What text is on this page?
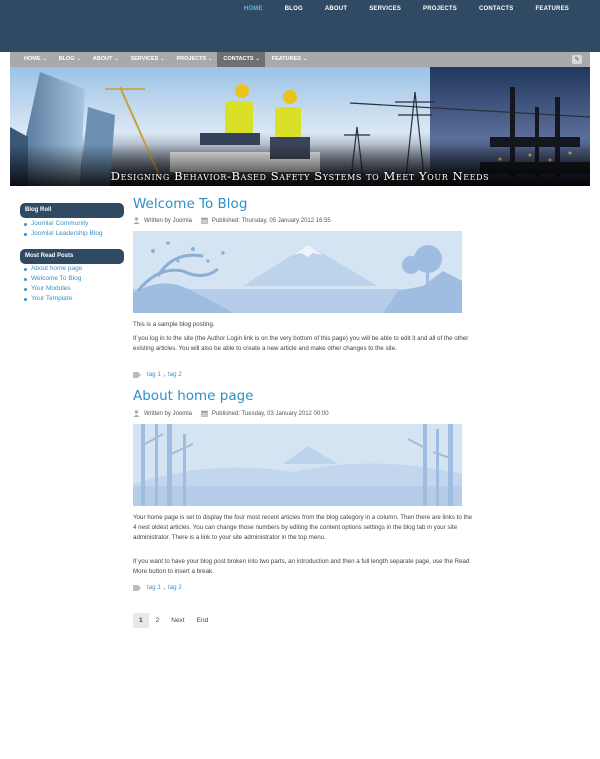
HOME	BLOG	ABOUT	SERVICES	PROJECTS	CONTACTS	FEATURES
HOME ⌄	BLOG ⌄	ABOUT ⌄	SERVICES ⌄	PROJECTS ⌄	CONTACTS ⌄	FEATURES ⌄	✎
Designing Behavior-Based Safety Systems to Meet Your Needs
Blog Roll
Joomla! Community
Joomla! Leadership Blog
Most Read Posts
About home page
Welcome To Blog
Your Modules
Your Template
Welcome To Blog
Written by Joomla	Published: Thursday, 05 January 2012 16:55
This is a sample blog posting.
If you log in to the site (the Author Login link is on the very bottom of this page) you will be able to edit it and all of the other existing articles. You will also be able to create a new article and make other changes to the site.
tag 1 , tag 2
About home page
Written by Joomla	Published: Tuesday, 03 January 2012 00:00
Your home page is set to display the four most recent articles from the blog category in a column. Then there are links to the 4 nest oldest articles. You can change those numbers by editing the content options settings in the blog tab in your site administrator. There is a link to your site administrator in the top menu.
If you want to have your blog post broken into two parts, an introduction and then a full length separate page, use the Read More button to insert a break.
tag 1 , tag 2
1	2	Next	End
